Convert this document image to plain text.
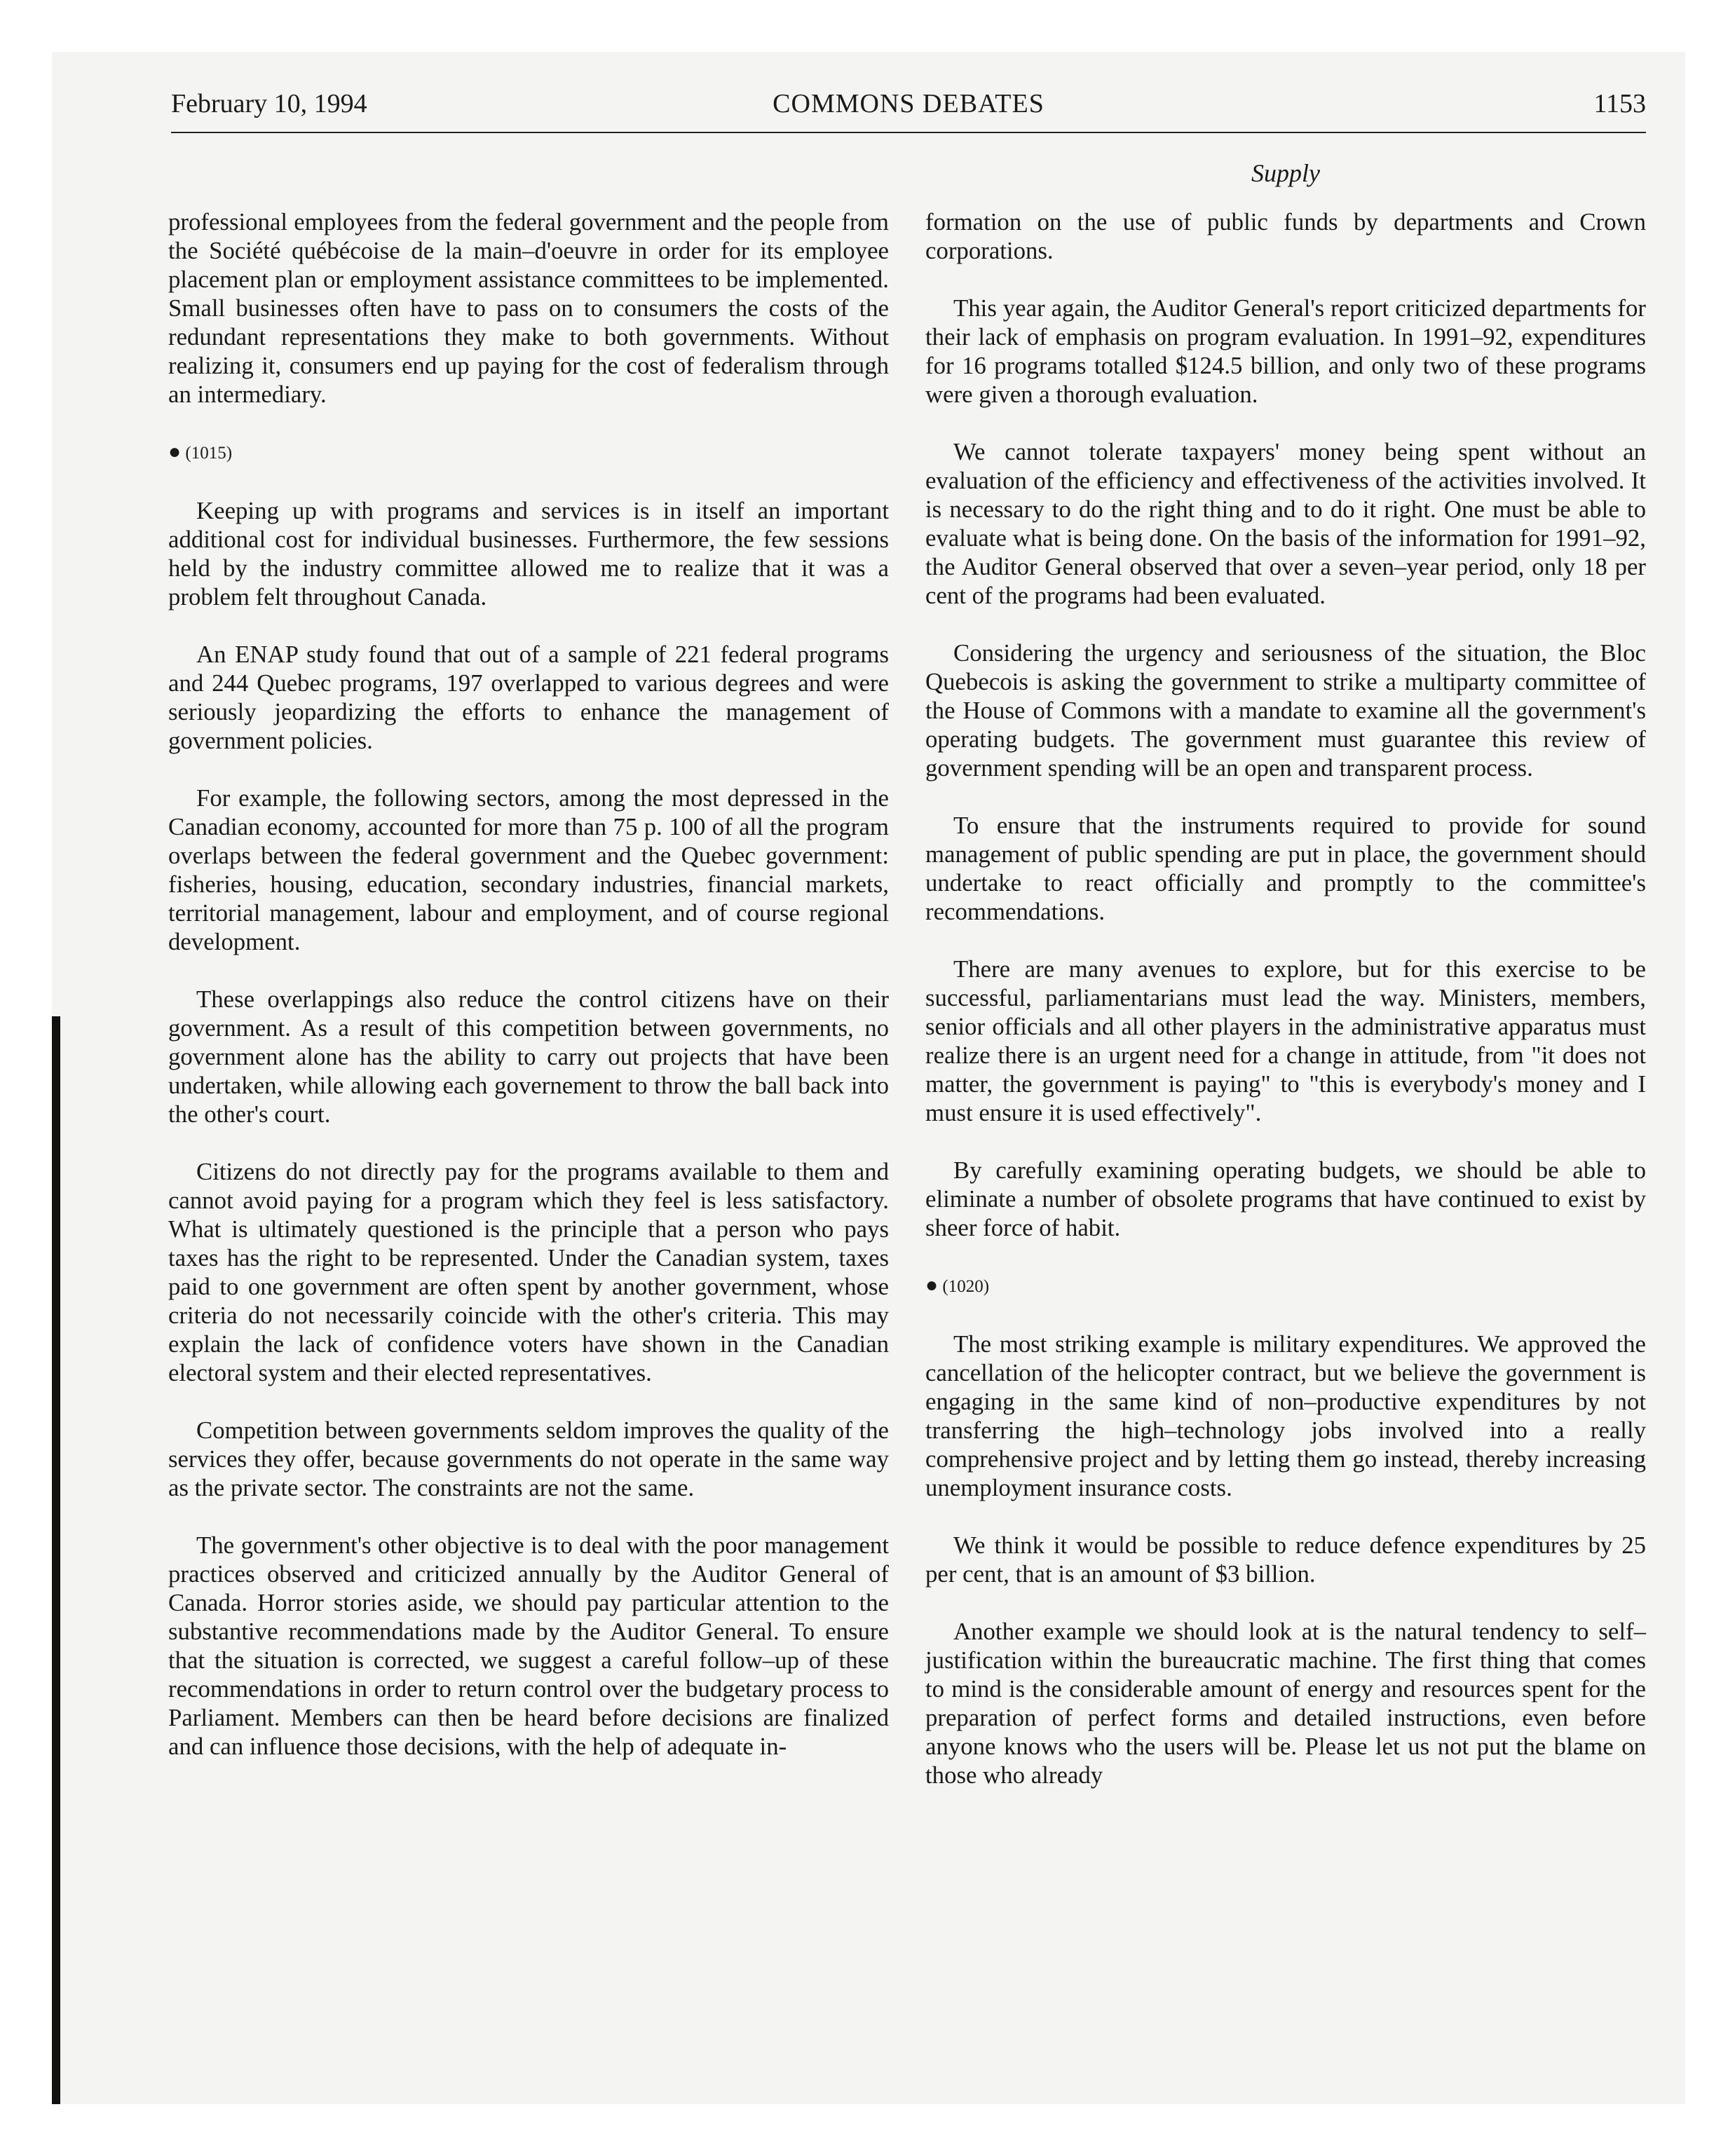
COMMONS DEBATES
February 10, 1994	1153
Supply

professional employees from the federal government and the people from the Société québécoise de la main–d'oeuvre in order for its employee placement plan or employment assistance committees to be implemented. Small businesses often have to pass on to consumers the costs of the redundant representations they make to both governments. Without realizing it, consumers end up paying for the cost of federalism through an intermediary.

● (1015)

Keeping up with programs and services is in itself an important additional cost for individual businesses. Furthermore, the few sessions held by the industry committee allowed me to realize that it was a problem felt throughout Canada.

An ENAP study found that out of a sample of 221 federal programs and 244 Quebec programs, 197 overlapped to various degrees and were seriously jeopardizing the efforts to enhance the management of government policies.

For example, the following sectors, among the most depressed in the Canadian economy, accounted for more than 75 p. 100 of all the program overlaps between the federal government and the Quebec government: fisheries, housing, education, secondary industries, financial markets, territorial management, labour and employment, and of course regional development.

These overlappings also reduce the control citizens have on their government. As a result of this competition between governments, no government alone has the ability to carry out projects that have been undertaken, while allowing each governement to throw the ball back into the other's court.

Citizens do not directly pay for the programs available to them and cannot avoid paying for a program which they feel is less satisfactory. What is ultimately questioned is the principle that a person who pays taxes has the right to be represented. Under the Canadian system, taxes paid to one government are often spent by another government, whose criteria do not necessarily coincide with the other's criteria. This may explain the lack of confidence voters have shown in the Canadian electoral system and their elected representatives.

Competition between governments seldom improves the quality of the services they offer, because governments do not operate in the same way as the private sector. The constraints are not the same.

The government's other objective is to deal with the poor management practices observed and criticized annually by the Auditor General of Canada. Horror stories aside, we should pay particular attention to the substantive recommendations made by the Auditor General. To ensure that the situation is corrected, we suggest a careful follow–up of these recommendations in order to return control over the budgetary process to Parliament. Members can then be heard before decisions are finalized and can influence those decisions, with the help of adequate in-

formation on the use of public funds by departments and Crown corporations.

This year again, the Auditor General's report criticized departments for their lack of emphasis on program evaluation. In 1991–92, expenditures for 16 programs totalled $124.5 billion, and only two of these programs were given a thorough evaluation.

We cannot tolerate taxpayers' money being spent without an evaluation of the efficiency and effectiveness of the activities involved. It is necessary to do the right thing and to do it right. One must be able to evaluate what is being done. On the basis of the information for 1991–92, the Auditor General observed that over a seven–year period, only 18 per cent of the programs had been evaluated.

Considering the urgency and seriousness of the situation, the Bloc Quebecois is asking the government to strike a multiparty committee of the House of Commons with a mandate to examine all the government's operating budgets. The government must guarantee this review of government spending will be an open and transparent process.

To ensure that the instruments required to provide for sound management of public spending are put in place, the government should undertake to react officially and promptly to the committee's recommendations.

There are many avenues to explore, but for this exercise to be successful, parliamentarians must lead the way. Ministers, members, senior officials and all other players in the administrative apparatus must realize there is an urgent need for a change in attitude, from "it does not matter, the government is paying" to "this is everybody's money and I must ensure it is used effectively".

By carefully examining operating budgets, we should be able to eliminate a number of obsolete programs that have continued to exist by sheer force of habit.

● (1020)

The most striking example is military expenditures. We approved the cancellation of the helicopter contract, but we believe the government is engaging in the same kind of non–productive expenditures by not transferring the high–technology jobs involved into a really comprehensive project and by letting them go instead, thereby increasing unemployment insurance costs.

We think it would be possible to reduce defence expenditures by 25 per cent, that is an amount of $3 billion.

Another example we should look at is the natural tendency to self–justification within the bureaucratic machine. The first thing that comes to mind is the considerable amount of energy and resources spent for the preparation of perfect forms and detailed instructions, even before anyone knows who the users will be. Please let us not put the blame on those who already
